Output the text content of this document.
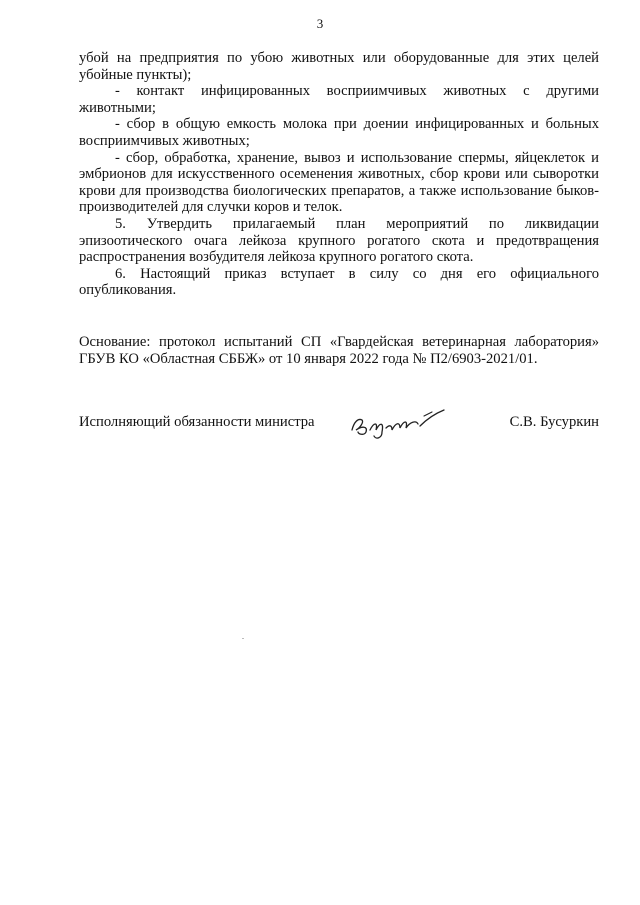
3

убой на предприятия по убою животных или оборудованные для этих целей убойные пункты);

- контакт инфицированных восприимчивых животных с другими животными;

- сбор в общую емкость молока при доении инфицированных и больных восприимчивых животных;

- сбор, обработка, хранение, вывоз и использование спермы, яйцеклеток и эмбрионов для искусственного осеменения животных, сбор крови или сыворотки крови для производства биологических препаратов, а также использование быков-производителей для случки коров и телок.

5. Утвердить прилагаемый план мероприятий по ликвидации эпизоотического очага лейкоза крупного рогатого скота и предотвращения распространения возбудителя лейкоза крупного рогатого скота.

6. Настоящий приказ вступает в силу со дня его официального опубликования.

Основание: протокол испытаний СП «Гвардейская ветеринарная лаборатория» ГБУВ КО «Областная СББЖ» от 10 января 2022 года № П2/6903-2021/01.

Исполняющий обязанности министра	С.В. Бусуркин
